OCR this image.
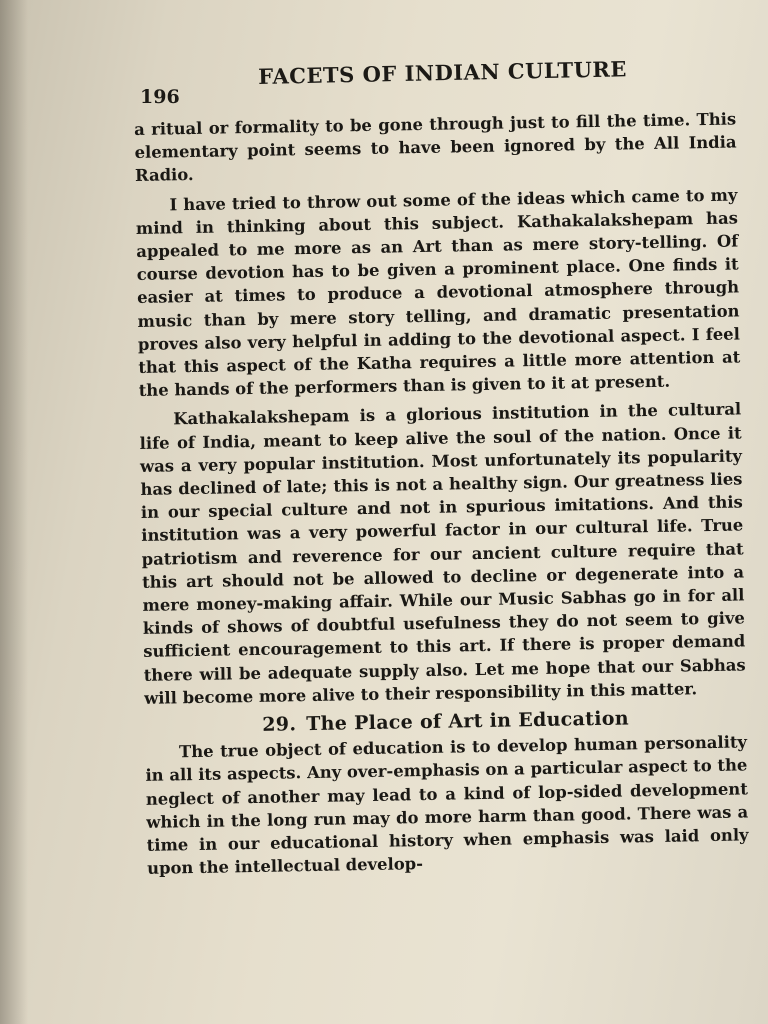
196
FACETS OF INDIAN CULTURE

a ritual or formality to be gone through just to fill the time. This elementary point seems to have been ignored by the All India Radio.

I have tried to throw out some of the ideas which came to my mind in thinking about this subject. Kathakalakshepam has appealed to me more as an Art than as mere story-telling. Of course devotion has to be given a prominent place. One finds it easier at times to produce a devotional atmosphere through music than by mere story telling, and dramatic presentation proves also very helpful in adding to the devotional aspect. I feel that this aspect of the Katha requires a little more attention at the hands of the performers than is given to it at present.

Kathakalakshepam is a glorious institution in the cultural life of India, meant to keep alive the soul of the nation. Once it was a very popular institution. Most unfortunately its popularity has declined of late; this is not a healthy sign. Our greatness lies in our special culture and not in spurious imitations. And this institution was a very powerful factor in our cultural life. True patriotism and reverence for our ancient culture require that this art should not be allowed to decline or degenerate into a mere money-making affair. While our Music Sabhas go in for all kinds of shows of doubtful usefulness they do not seem to give sufficient encouragement to this art. If there is proper demand there will be adequate supply also. Let me hope that our Sabhas will become more alive to their responsibility in this matter.

29. The Place of Art in Education

The true object of education is to develop human personality in all its aspects. Any over-emphasis on a particular aspect to the neglect of another may lead to a kind of lop-sided development which in the long run may do more harm than good. There was a time in our educational history when emphasis was laid only upon the intellectual develop-
